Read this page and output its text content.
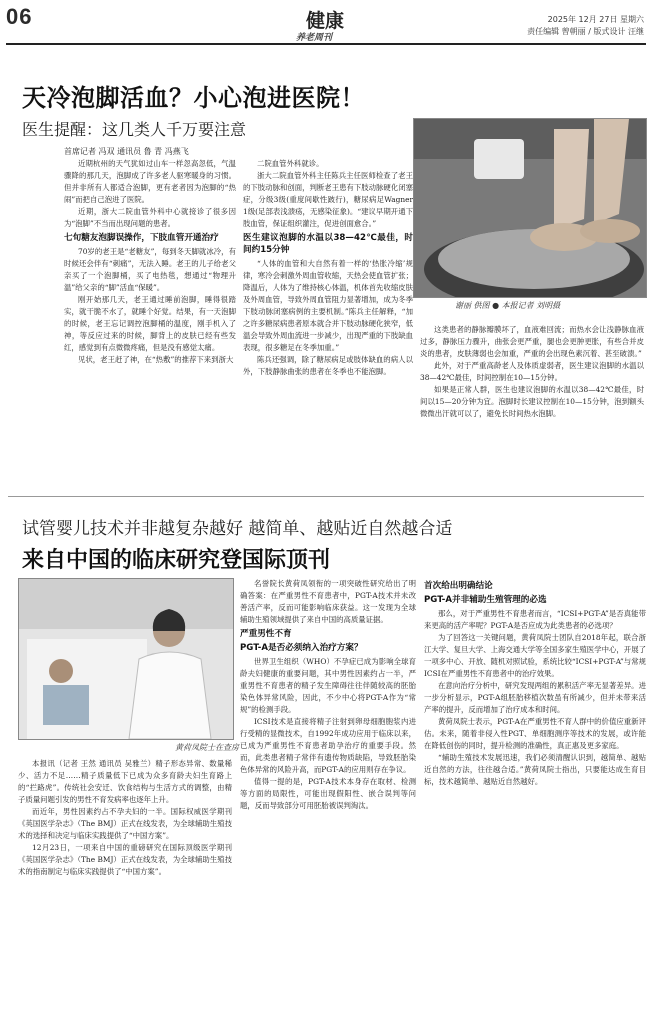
06	健康
养老周刊
2025年 12月 27日 星期六
责任编辑 曾朝丽 / 版式设计 汪继
天冷泡脚活血？小心泡进医院！
医生提醒：这几类人千万要注意
谢丽 供图 ● 本报记者 刘明摄
首席记者 冯双 通讯员 鲁 青 冯燕飞

近期杭州的天气犹如过山车一样忽高忽低，气温骤降的那几天，泡脚成了许多老人驱寒暖身的习惯。但并非所有人都适合泡脚，更有老者因为泡脚的“热闹”而把自己泡进了医院。

近期，浙大二院血管外科中心就接诊了很多因为“泡脚”不当而出现问题的患者。

七旬糖友泡脚误操作，下肢血管开通治疗

70岁的老王是“老糖友”，每到冬天脚就冰冷，有时候还会伴有“刺痛”，无法入睡。老王的儿子给老父亲买了一个泡脚桶，买了电热毯，想通过“物理升温”给父亲的“脚”活血“保暖”。

刚开始那几天，老王通过睡前泡脚，睡得很踏实，就干脆不水了，就睡个好觉。结果，有一天泡脚的时候，老王忘记调控泡脚桶的温度，刚手机入了神，等反应过来的时候，脚背上的皮肤已经有些发红，感觉到有点微微疼痛，但是没有感觉太痛。

见状，老王赶了神，在“热敷”的推荐下来到浙大

二院血管外科就诊。

浙大二院血管外科主任陈兵主任医师检查了老王的下肢动脉和创面，判断老王患有下肢动脉硬化闭塞症，分级3级(重度间歇性跛行)，糖尿病足Wagner 1级(足部表浅溃疡，无感染征象)。“建议早期开通下肢血管，保证组织灌注，促进创面愈合。”

医生建议泡脚的水温以38—42℃最佳，时间约15分钟

“人体的血管和大自然有着一样的‘热胀冷缩’规律，寒冷会刺激外周血管收缩，天热会使血管扩张；降温后，人体为了维持核心体温，机体首先收缩皮肤及外周血管，导致外周血管阻力显著增加，成为冬季下肢动脉闭塞病例的主要机制。”陈兵主任解释，“加之许多糖尿病患者原本就合并下肢动脉硬化狭窄，低温会导致外周血流进一步减少，出现严重的下肢缺血表现，很多糖足在冬季加重。”

陈兵还强调，除了糖尿病足或肢体缺血的病人以外，下肢静脉曲张的患者在冬季也不能泡脚。

这类患者的静脉瓣膜坏了，血液难回流；而热水会让浅静脉血液过多，静脉压力骤升，曲张会更严重，腿也会更肿更胀，有些合并皮炎的患者，皮肤薄弱也会加重，严重的会出现色素沉着、甚至破溃。”

此外，对于严重高龄老人及体质虚弱者，医生建议泡脚的水温以38—42℃最佳，时间控制在10—15分钟。

如果是正常人群，医生也建议泡脚的水温以38—42℃最佳，时间以15—20分钟为宜。泡脚时长建议控制在10—15分钟，泡到额头微微出汗就可以了，避免长时间热水泡脚。

试管婴儿技术并非越复杂越好 越简单、越贴近自然越合适
来自中国的临床研究登国际顶刊
黄荷凤院士在查房

本报讯（记者 王然 通讯员 吴雅兰）精子形态异常、数量稀少、活力不足……精子质量低下已成为众多育龄夫妇生育路上的“拦路虎”。传统社会安迁、饮食结构与生活方式的调整，由精子质量问题引发的男性不育发病率也逐年上升。

而近年，男性因素约占不孕夫妇的一半。国际权威医学期刊《英国医学杂志》（The BMJ）正式在线发表，为全球辅助生殖技术的选择和决定与临床实践提供了“中国方案”。

12月23日，一项来自中国的重磅研究在国际顶级医学期刊《英国医学杂志》（The BMJ）正式在线发表，为全球辅助生殖技术的指南制定与临床实践提供了“中国方案”。

名誉院长黄荷凤领衔的一项突破性研究给出了明确答案：在严重男性不育患者中，PGT-A技术并未改善活产率，反而可能影响临床获益。这一发现为全球辅助生殖领域提供了来自中国的高质量证据。

严重男性不育
PGT-A是否必须纳入治疗方案？

世界卫生组织（WHO）不孕症已成为影响全球育龄夫妇健康的重要问题，其中男性因素约占一半，严重男性不育患者的精子发生障碍往往伴随较高的胚胎染色体异常风险，因此，不少中心将PGT-A作为“常规”的检测手段。

ICSI技术是直接将精子注射到卵母细胞胞浆内进行受精的显微技术，自1992年成功应用于临床以来，已成为严重男性不育患者助孕治疗的重要手段。然而，此类患者精子常伴有遗传物质缺陷，导致胚胎染色体异常的风险升高，而PGT-A的应用则存在争议。

值得一提的是，PGT-A技术本身存在取材、检测等方面的局限性，可能出现假阳性、嵌合误判等问题，反而导致部分可用胚胎被误判淘汰。

首次给出明确结论
PGT-A并非辅助生殖管理的必选

那么，对于严重男性不育患者而言，“ICSI+PGT-A”是否真能带来更高的活产率呢？PGT-A是否应成为此类患者的必选项？

为了回答这一关键问题，黄荷凤院士团队自2018年起，联合浙江大学、复旦大学、上海交通大学等全国多家生殖医学中心，开展了一项多中心、开放、随机对照试验，系统比较“ICSI+PGT-A”与常规ICSI在严重男性不育患者中的治疗效果。

在意向治疗分析中，研究发现两组的累积活产率无显著差异。进一步分析显示，PGT-A组胚胎移植次数虽有所减少，但并未带来活产率的提升，反而增加了治疗成本和时间。

黄荷凤院士表示，PGT-A在严重男性不育人群中的价值应重新评估。未来，随着非侵入性PGT、单细胞测序等技术的发展，或许能在降低创伤的同时，提升检测的准确性，真正惠及更多家庭。

“辅助生殖技术发展迅速，我们必须清醒认识到，越简单、越贴近自然的方法，往往越合适。”黄荷凤院士指出，只要能达成生育目标，技术越简单、越贴近自然越好。
